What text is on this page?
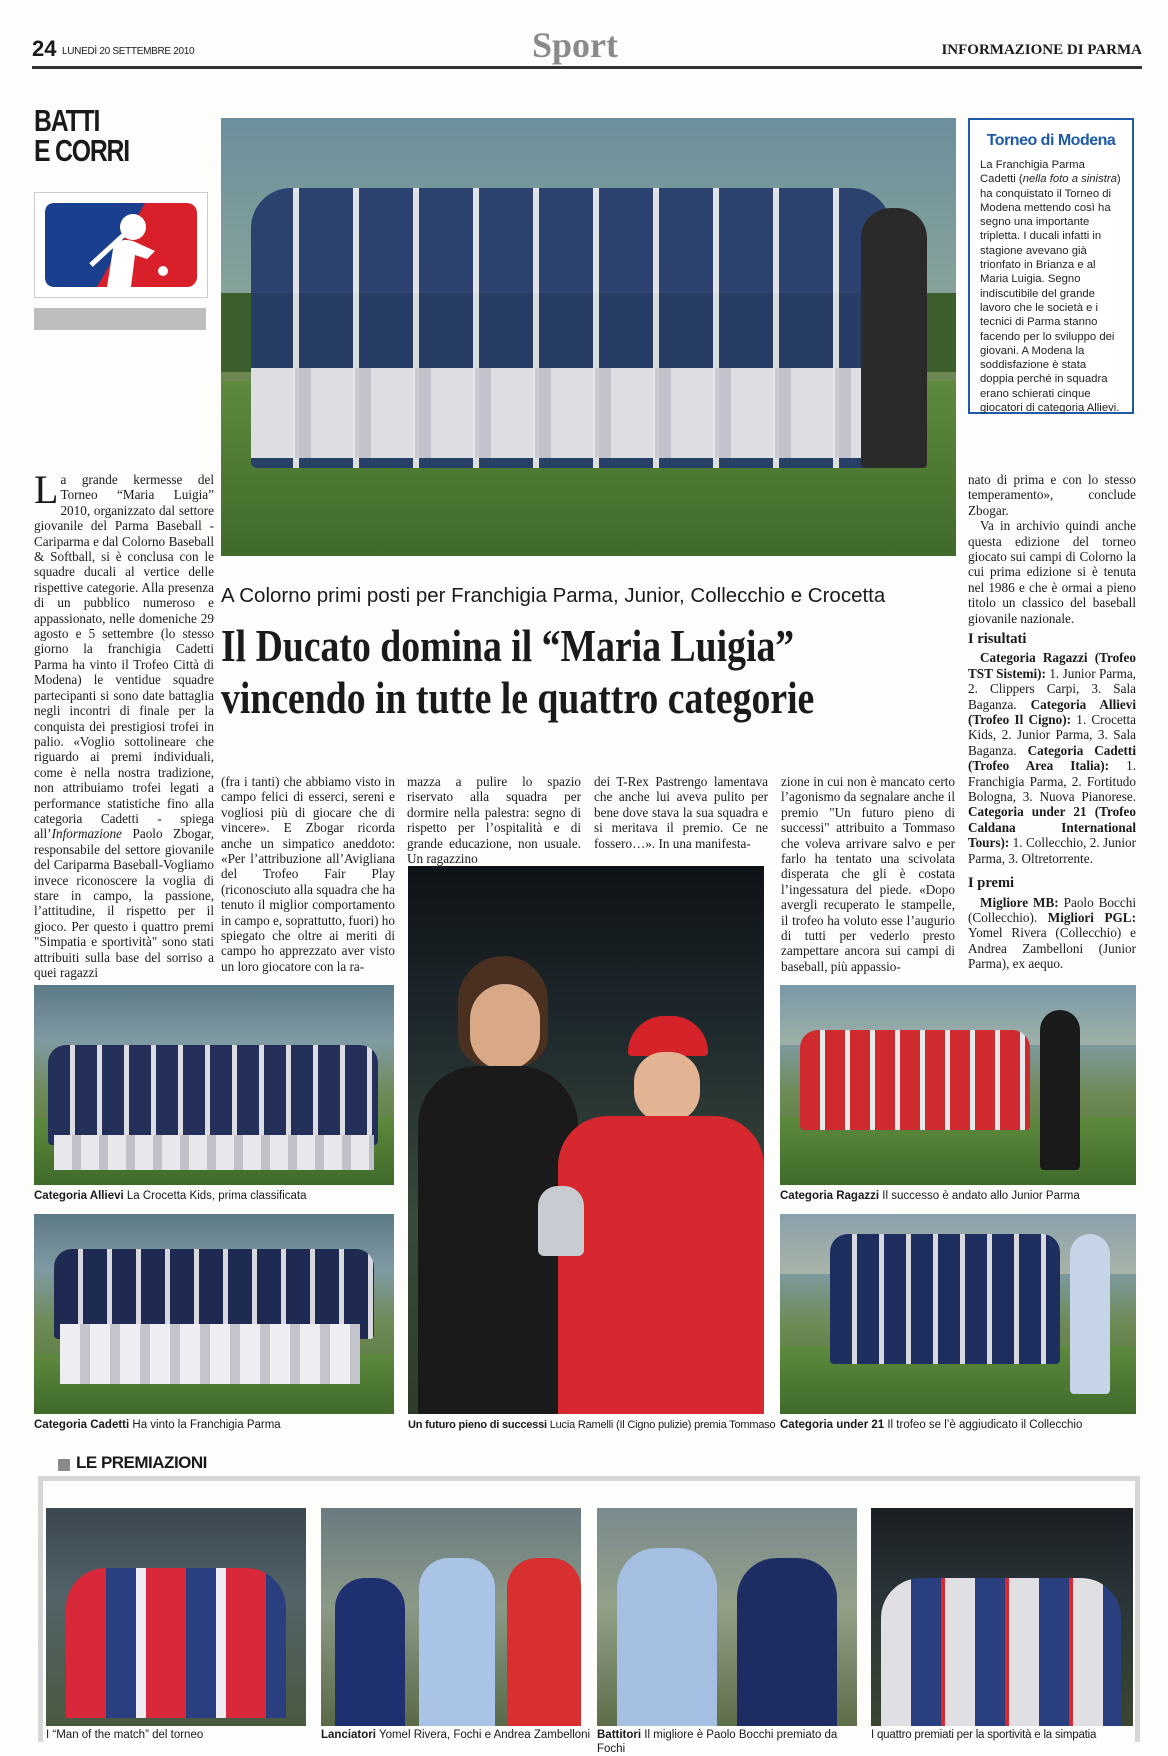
24 LUNEDÌ 20 SETTEMBRE 2010	Sport	INFORMAZIONE DI PARMA
BATTI
E CORRI	Torneo di Modena
La Franchigia Parma Cadetti (nella foto a sinistra) ha conquistato il Torneo di Modena mettendo così ha segno una importante tripletta. I ducali infatti in stagione avevano già trionfato in Brianza e al Maria Luigia. Segno indiscutibile del grande lavoro che le società e i tecnici di Parma stanno facendo per lo sviluppo dei giovani. A Modena la soddisfazione è stata doppia perché in squadra erano schierati cinque giocatori di categoria Allievi.
La grande kermesse del Torneo “Maria Luigia” 2010, organizzato dal settore giovanile del Parma Baseball - Cariparma e dal Colorno Baseball & Softball, si è conclusa con le squadre ducali al vertice delle rispettive categorie. Alla presenza di un pubblico numeroso e appassionato, nelle domeniche 29 agosto e 5 settembre (lo stesso giorno la franchigia Cadetti Parma ha vinto il Trofeo Città di Modena) le ventidue squadre partecipanti si sono date battaglia negli incontri di finale per la conquista dei prestigiosi trofei in palio. «Voglio sottolineare che riguardo ai premi individuali, come è nella nostra tradizione, non attribuiamo trofei legati a performance statistiche fino alla categoria Cadetti - spiega all’Informazione Paolo Zbogar, responsabile del settore giovanile del Cariparma Baseball-Vogliamo invece riconoscere la voglia di stare in campo, la passione, l’attitudine, il rispetto per il gioco. Per questo i quattro premi "Simpatia e sportività" sono stati attribuiti sulla base del sorriso a quei ragazzi
A Colorno primi posti per Franchigia Parma, Junior, Collecchio e Crocetta
Il Ducato domina il “Maria Luigia”
vincendo in tutte le quattro categorie
(fra i tanti) che abbiamo visto in campo felici di esserci, sereni e vogliosi più di giocare che di vincere». E Zbogar ricorda anche un simpatico aneddoto: «Per l’attribuzione all’Avigliana del Trofeo Fair Play (riconosciuto alla squadra che ha tenuto il miglior comportamento in campo e, soprattutto, fuori) ho spiegato che oltre ai meriti di campo ho apprezzato aver visto un loro giocatore con la ra-
mazza a pulire lo spazio riservato alla squadra per dormire nella palestra: segno di rispetto per l’ospitalità e di grande educazione, non usuale. Un ragazzino
dei T-Rex Pastrengo lamentava che anche lui aveva pulito per bene dove stava la sua squadra e si meritava il premio. Ce ne fossero…». In una manifesta-
zione in cui non è mancato certo l’agonismo da segnalare anche il premio "Un futuro pieno di successi" attribuito a Tommaso che voleva arrivare salvo e per farlo ha tentato una scivolata disperata che gli è costata l’ingessatura del piede. «Dopo avergli recuperato le stampelle, il trofeo ha voluto esse l’augurio di tutti per vederlo presto zampettare ancora sui campi di baseball, più appassio-
nato di prima e con lo stesso temperamento», conclude Zbogar.
Va in archivio quindi anche questa edizione del torneo giocato sui campi di Colorno la cui prima edizione si è tenuta nel 1986 e che è ormai a pieno titolo un classico del baseball giovanile nazionale.
I risultati
Categoria Ragazzi (Trofeo TST Sistemi): 1. Junior Parma, 2. Clippers Carpi, 3. Sala Baganza. Categoria Allievi (Trofeo Il Cigno): 1. Crocetta Kids, 2. Junior Parma, 3. Sala Baganza. Categoria Cadetti (Trofeo Area Italia): 1. Franchigia Parma, 2. Fortitudo Bologna, 3. Nuova Pianorese. Categoria under 21 (Trofeo Caldana International Tours): 1. Collecchio, 2. Junior Parma, 3. Oltretorrente.
I premi
Migliore MB: Paolo Bocchi (Collecchio). Migliori PGL: Yomel Rivera (Collecchio) e Andrea Zambelloni (Junior Parma), ex aequo.
Categoria Allievi La Crocetta Kids, prima classificata
Categoria Cadetti Ha vinto la Franchigia Parma	Un futuro pieno di successi Lucia Ramelli (Il Cigno pulizie) premia Tommaso
Categoria Ragazzi Il successo è andato allo Junior Parma
Categoria under 21 Il trofeo se l’è aggiudicato il Collecchio
LE PREMIAZIONI
I “Man of the match” del torneo	Lanciatori Yomel Rivera, Fochi e Andrea Zambelloni Battitori Il migliore è Paolo Bocchi premiato da Fochi
I quattro premiati per la sportività e la simpatia
